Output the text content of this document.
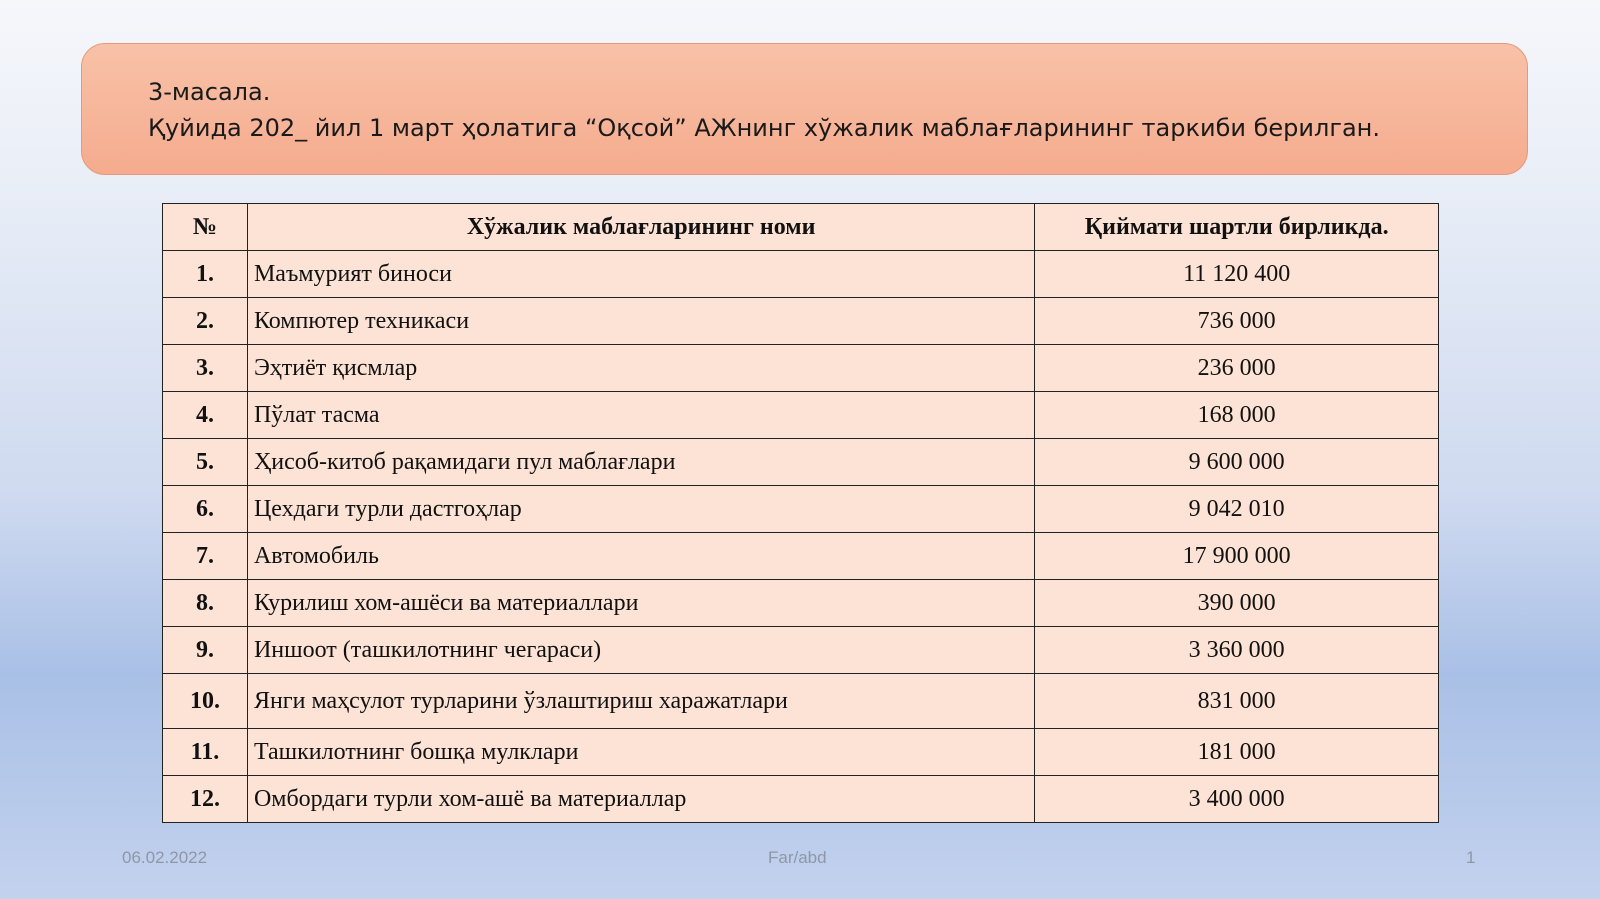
3-масала.
Қуйида 202_ йил 1 март ҳолатига “Оқсой” АЖнинг хўжалик маблағларининг таркиби берилган.
№	Хўжалик маблағларининг номи	Қиймати шартли бирликда.
1.	Маъмурият биноси	11 120 400
2.	Компютер техникаси	736 000
3.	Эҳтиёт қисмлар	236 000
4.	Пўлат тасма	168 000
5.	Ҳисоб-китоб рақамидаги пул маблағлари	9 600 000
6.	Цехдаги турли дастгоҳлар	9 042 010
7.	Автомобиль	17 900 000
8.	Курилиш хом-ашёси ва материаллари	390 000
9.	Иншоот (ташкилотнинг чегараси)	3 360 000
10.	Янги маҳсулот турларини ўзлаштириш харажатлари	831 000
11.	Ташкилотнинг бошқа мулклари	181 000
12.	Омбордаги турли хом-ашё ва материаллар	3 400 000
06.02.2022	Far/abd	1
